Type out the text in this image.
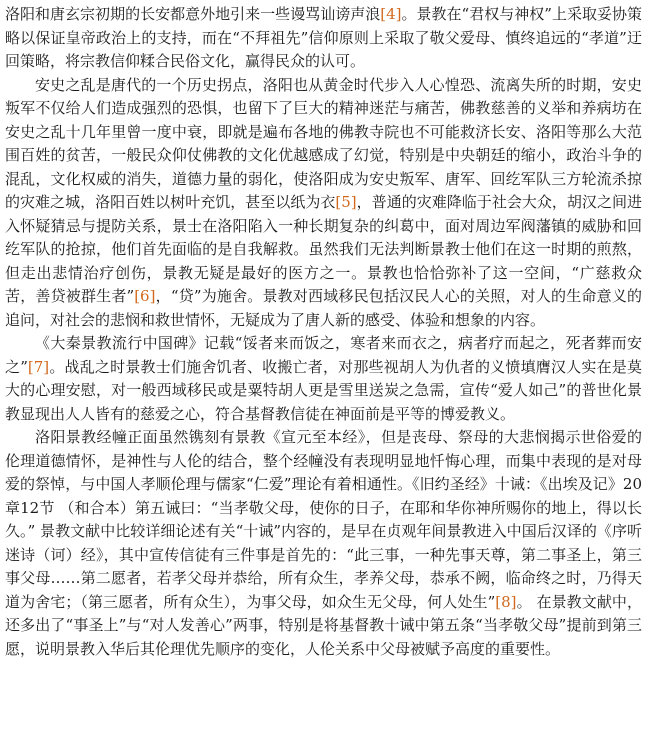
洛阳和唐玄宗初期的长安都意外地引来一些谩骂讪谤声浪[4]。景教在“君权与神权”上采取妥协策略以保证皇帝政治上的支持，而在“不拜祖先”信仰原则上采取了敬父爱母、慎终追远的“孝道”迂回策略，将宗教信仰糅合民俗文化，赢得民众的认可。

安史之乱是唐代的一个历史拐点，洛阳也从黄金时代步入人心惶恐、流离失所的时期，安史叛军不仅给人们造成强烈的恐惧，也留下了巨大的精神迷茫与痛苦，佛教慈善的义举和养病坊在安史之乱十几年里曾一度中衰，即就是遍布各地的佛教寺院也不可能救济长安、洛阳等那么大范围百姓的贫苦，一般民众仰仗佛教的文化优越感成了幻觉，特别是中央朝廷的缩小，政治斗争的混乱，文化权威的消失，道德力量的弱化，使洛阳成为安史叛军、唐军、回纥军队三方轮流杀掠的灾难之城，洛阳百姓以树叶充饥，甚至以纸为衣[5]，普通的灾难降临于社会大众，胡汉之间进入怀疑猜忌与提防关系，景士在洛阳陷入一种长期复杂的纠葛中，面对周边军阀藩镇的威胁和回纥军队的抢掠，他们首先面临的是自我解救。虽然我们无法判断景教士他们在这一时期的煎熬，但走出悲情治疗创伤，景教无疑是最好的医方之一。景教也恰恰弥补了这一空间，“广慈救众苦，善贷被群生者”[6]，“贷”为施舍。景教对西域移民包括汉民人心的关照，对人的生命意义的追问，对社会的悲悯和救世情怀，无疑成为了唐人新的感受、体验和想象的内容。

《大秦景教流行中国碑》记载“馁者来而饭之，寒者来而衣之，病者疗而起之，死者葬而安之”[7]。战乱之时景教士们施舍饥者、收搬亡者，对那些视胡人为仇者的义愤填膺汉人实在是莫大的心理安慰，对一般西域移民或是粟特胡人更是雪里送炭之急需，宣传“爱人如己”的普世化景教显现出人人皆有的慈爱之心，符合基督教信徒在神面前是平等的博爱教义。

洛阳景教经幢正面虽然镌刻有景教《宣元至本经》，但是丧母、祭母的大悲悯揭示世俗爱的伦理道德情怀，是神性与人伦的结合，整个经幢没有表现明显地忏悔心理，而集中表现的是对母爱的祭悼，与中国人孝顺伦理与儒家“仁爱”理论有着相通性。《旧约圣经》十诫：《出埃及记》20章12节 （和合本）第五诫曰：“当孝敬父母，使你的日子，在耶和华你神所赐你的地上，得以长久。” 景教文献中比较详细论述有关“十诫”内容的，是早在贞观年间景教进入中国后汉译的《序听迷诗（诃）经》，其中宣传信徒有三件事是首先的：“此三事，一种先事天尊，第二事圣上，第三事父母……第二愿者，若孝父母并恭给，所有众生，孝养父母，恭承不阙，临命终之时，乃得天道为舍宅；（第三愿者，所有众生），为事父母，如众生无父母，何人处生”[8]。 在景教文献中，还多出了“事圣上”与“对人发善心”两事，特别是将基督教十诫中第五条“当孝敬父母”提前到第三愿，说明景教入华后其伦理优先顺序的变化，人伦关系中父母被赋予高度的重要性。
